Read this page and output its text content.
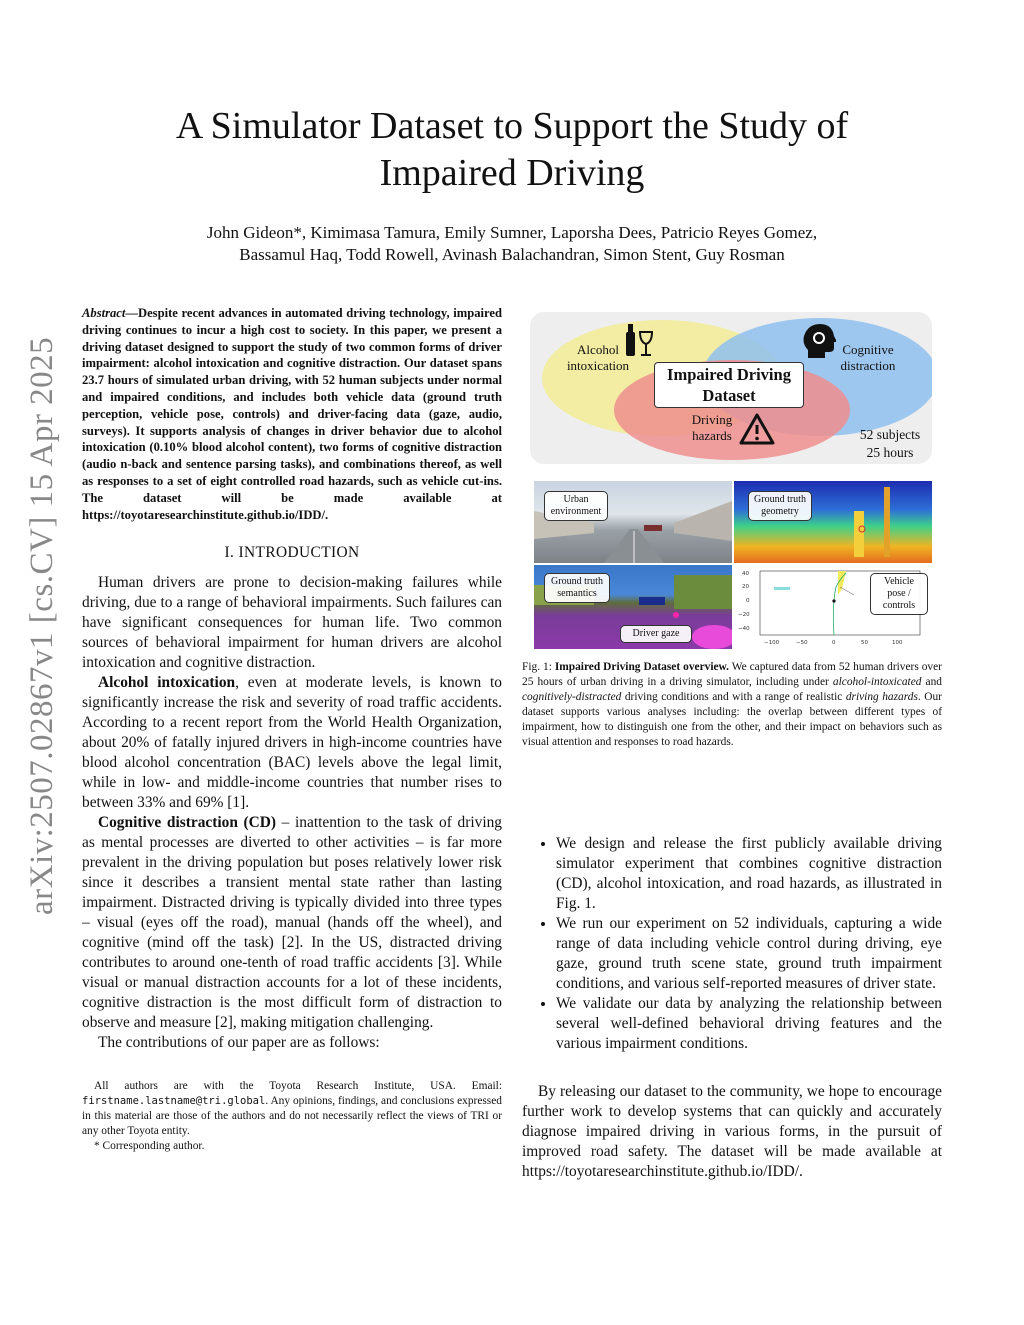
arXiv:2507.02867v1 [cs.CV] 15 Apr 2025
A Simulator Dataset to Support the Study of
Impaired Driving
John Gideon*, Kimimasa Tamura, Emily Sumner, Laporsha Dees, Patricio Reyes Gomez,
Bassamul Haq, Todd Rowell, Avinash Balachandran, Simon Stent, Guy Rosman
Abstract—Despite recent advances in automated driving technology, impaired driving continues to incur a high cost to society. In this paper, we present a driving dataset designed to support the study of two common forms of driver impairment: alcohol intoxication and cognitive distraction. Our dataset spans 23.7 hours of simulated urban driving, with 52 human subjects under normal and impaired conditions, and includes both vehicle data (ground truth perception, vehicle pose, controls) and driver-facing data (gaze, audio, surveys). It supports analysis of changes in driver behavior due to alcohol intoxication (0.10% blood alcohol content), two forms of cognitive distraction (audio n-back and sentence parsing tasks), and combinations thereof, as well as responses to a set of eight controlled road hazards, such as vehicle cut-ins. The dataset will be made available at https://toyotaresearchinstitute.github.io/IDD/.
I. INTRODUCTION

Human drivers are prone to decision-making failures while driving, due to a range of behavioral impairments. Such failures can have significant consequences for human life. Two common sources of behavioral impairment for human drivers are alcohol intoxication and cognitive distraction.

Alcohol intoxication, even at moderate levels, is known to significantly increase the risk and severity of road traffic accidents. According to a recent report from the World Health Organization, about 20% of fatally injured drivers in high-income countries have blood alcohol concentration (BAC) levels above the legal limit, while in low- and middle-income countries that number rises to between 33% and 69% [1].

Cognitive distraction (CD) – inattention to the task of driving as mental processes are diverted to other activities – is far more prevalent in the driving population but poses relatively lower risk since it describes a transient mental state rather than lasting impairment. Distracted driving is typically divided into three types – visual (eyes off the road), manual (hands off the wheel), and cognitive (mind off the task) [2]. In the US, distracted driving contributes to around one-tenth of road traffic accidents [3]. While visual or manual distraction accounts for a lot of these incidents, cognitive distraction is the most difficult form of distraction to observe and measure [2], making mitigation challenging.

The contributions of our paper are as follows:

All authors are with the Toyota Research Institute, USA. Email: firstname.lastname@tri.global. Any opinions, findings, and conclusions expressed in this material are those of the authors and do not necessarily reflect the views of TRI or any other Toyota entity.

* Corresponding author.

Alcohol intoxication
Cognitive distraction
Impaired Driving Dataset
Driving hazards	52 subjects
25 hours
Urban environment
Ground truth geometry
Ground truth semantics
Driver gaze
40
20
0
−20
−40
−100	−50	0	50	100
Vehicle pose / controls
Fig. 1: Impaired Driving Dataset overview. We captured data from 52 human drivers over 25 hours of urban driving in a driving simulator, including under alcohol-intoxicated and cognitively-distracted driving conditions and with a range of realistic driving hazards. Our dataset supports various analyses including: the overlap between different types of impairment, how to distinguish one from the other, and their impact on behaviors such as visual attention and responses to road hazards.
• We design and release the first publicly available driving simulator experiment that combines cognitive distraction (CD), alcohol intoxication, and road hazards, as illustrated in Fig. 1.
• We run our experiment on 52 individuals, capturing a wide range of data including vehicle control during driving, eye gaze, ground truth scene state, ground truth impairment conditions, and various self-reported measures of driver state.
• We validate our data by analyzing the relationship between several well-defined behavioral driving features and the various impairment conditions.

By releasing our dataset to the community, we hope to encourage further work to develop systems that can quickly and accurately diagnose impaired driving in various forms, in the pursuit of improved road safety. The dataset will be made available at https://toyotaresearchinstitute.github.io/IDD/.
